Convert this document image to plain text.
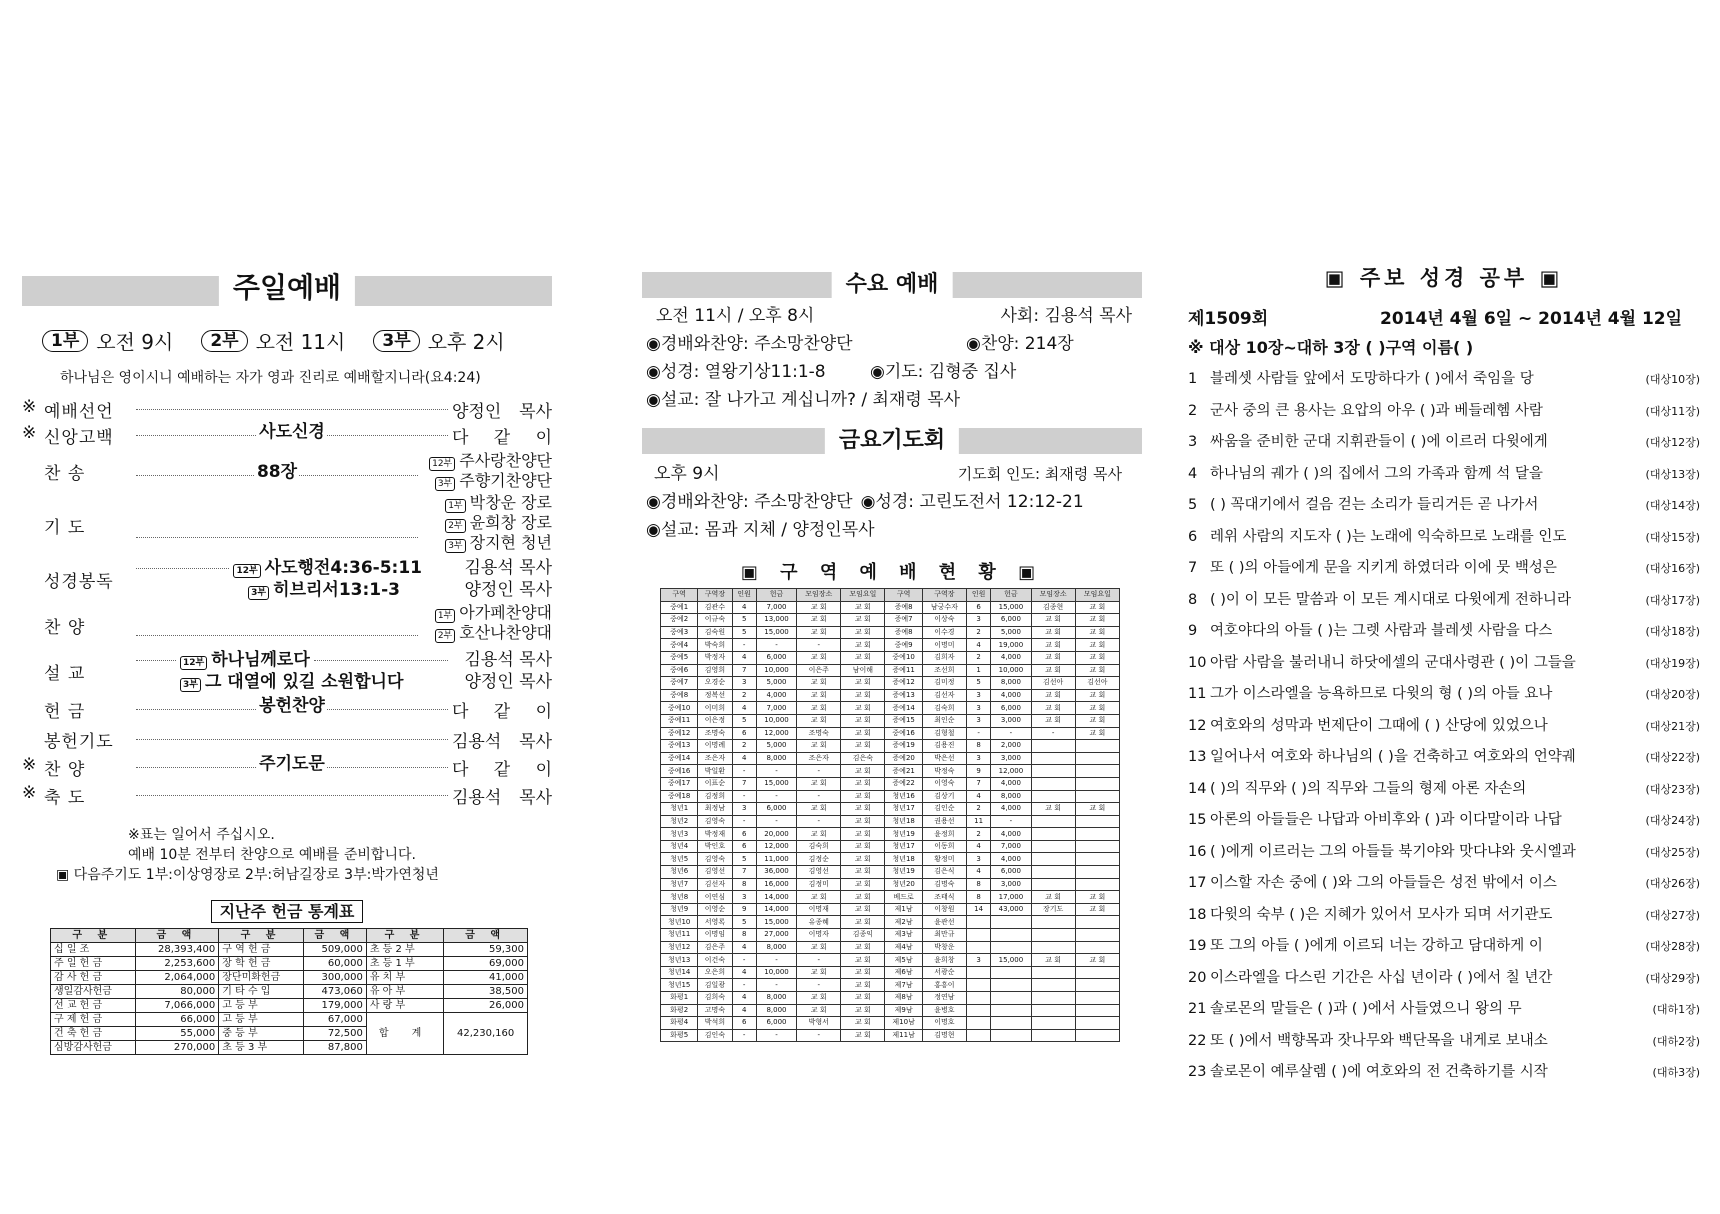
주일예배
1부 오전 9시	2부 오전 11시	3부 오후 2시
하나님은 영이시니 예배하는 자가 영과 진리로 예배할지니라(요4:24)
※ 예배선언	양정인 목사
※ 신앙고백	사도신경	다 같 이
찬 송	88장	12부 주사랑찬양단
3부 주향기찬양단
기 도
1부 박창운 장로
2부 윤희창 장로
3부 장지현 청년
성경봉독
12부 사도행전4:36-5:11	김용석 목사
3부 히브리서13:1-3	양정인 목사
찬 양
1부 아가페찬양대
2부 호산나찬양대
설 교
12부 하나님께로다	김용석 목사
3부 그 대열에 있길 소원합니다	양정인 목사
헌 금	봉헌찬양	다 같 이
봉헌기도	김용석 목사
※ 찬 양	주기도문	다 같 이
※ 축 도	김용석 목사
※표는 일어서 주십시오.
예배 10분 전부터 찬양으로 예배를 준비합니다.
▣ 다음주기도 1부:이상영장로 2부:허남길장로 3부:박가연청년
지난주 헌금 통계표
구 분	금 액	구 분	금 액	구 분	금 액
십 일 조	28,393,400	구 역 헌 금	509,000	초 등 2 부	59,300
주 일 헌 금	2,253,600	장 학 헌 금	60,000	초 등 1 부	69,000
감 사 헌 금	2,064,000	장단미화헌금	300,000	유 치 부	41,000
생일감사헌금	80,000	기 타 수 입	473,060	유 아 부	38,500
선 교 헌 금	7,066,000	고 등 부	179,000	사 랑 부	26,000
구 제 헌 금	66,000	고 등 부	67,000	합 계	42,230,160
건 축 헌 금	55,000	중 등 부	72,500		
심방감사헌금	270,000	초 등 3 부	87,800		
수요 예배
오전 11시 / 오후 8시	사회: 김용석 목사
◉경배와찬양: 주소망찬양단	◉찬양: 214장
◉성경: 열왕기상11:1-8	◉기도: 김형중 집사
◉설교: 잘 나가고 계십니까? / 최재령 목사
금요기도회
오후 9시	기도회 인도: 최재령 목사
◉경배와찬양: 주소망찬양단 ◉성경: 고린도전서 12:12-21
◉설교: 몸과 지체 / 양정인목사
▣ 구 역 예 배 현 황 ▣
구역	구역장	인원	헌금	모임장소	모임요일	구역	구역장	인원	헌금	모임장소	모임요일
중예1	김관수	4	7,000	교 회	교 회	증예8	남궁수자	6	15,000	김종현	교 회
중예2	이규숙	5	13,000	교 회	교 회	증예7	이상숙	3	6,000	교 회	교 회
중예3	김숙원	5	15,000	교 회	교 회	증예8	이수경	2	5,000	교 회	교 회
중예4	박숙희	-	-	-	교 회	중예9	이명미	4	19,000	교 회	교 회
중예5	박정자	4	6,000	교 회	교 회	중예10	김희자	2	4,000	교 회	교 회
중예6	김영희	7	10,000	이은주	남이해	증예11	조선희	1	10,000	교 회	교 회
중예7	오경순	3	5,000	교 회	교 회	증예12	김미정	5	8,000	김선아	김선아
중예8	정복선	2	4,000	교 회	교 회	증예13	김선자	3	4,000	교 회	교 회
중예10	이미희	4	7,000	교 회	교 회	증예14	김숙희	3	6,000	교 회	교 회
중예11	이은정	5	10,000	교 회	교 회	증예15	최인순	3	3,000	교 회	교 회
중예12	조명숙	6	12,000	조명숙	교 회	중예16	김형철	-	-	-	교 회
중예13	이명례	2	5,000	교 회	교 회	증예19	김용진	8	2,000		
중예14	조은자	4	8,000	조은자	김은숙	증예20	박은선	3	3,000		
중예16	박일환	-	-	-	교 회	증예21	박정숙	9	12,000		
중예17	이표순	7	15,000	교 회	교 회	증예22	이영숙	7	4,000		
중예18	김정희	-	-	-	교 회	청년16	김상기	4	8,000		
청년1	최정남	3	6,000	교 회	교 회	청년17	김인순	2	4,000	교 회	교 회
청년2	김영숙	-	-	-	교 회	청년18	권용선	11	-		
청년3	박정재	6	20,000	교 회	교 회	청년19	윤정희	2	4,000		
청년4	박인호	6	12,000	김숙희	교 회	청년17	이동희	4	7,000		
청년5	김영숙	5	11,000	김정순	교 회	청년18	황정미	3	4,000		
청년6	김영선	7	36,000	김영선	교 회	청년19	김은식	4	6,000		
청년7	김선자	8	16,000	김정미	교 회	청년20	김명숙	8	3,000		
청년8	이연심	3	14,000	교 회	교 회	베드로	조태식	8	17,000	교 회	교 회
청년9	이영순	9	14,000	이명재	교 회	제1남	이창원	14	43,000	장기도	교 회
청년10	서영록	5	15,000	유종혜	교 회	제2남	윤관선				
청년11	이명임	8	27,000	이명자	김종익	제3남	최만규				
청년12	김은주	4	8,000	교 회	교 회	제4남	박창운				
청년13	이건숙	-	-	-	교 회	제5남	윤희창	3	15,000	교 회	교 회
청년14	오은희	4	10,000	교 회	교 회	제6남	서광순				
청년15	김일광	-	-	-	교 회	제7남	홍흥이				
화평1	김희숙	4	8,000	교 회	교 회	제8남	정연남				
화평2	고명숙	4	8,000	교 회	교 회	제9남	윤병호				
화평4	박석희	6	6,000	박형서	교 회	제10남	이명호				
화평5	김인숙	-	-	-	교 회	제11남	김명현				
▣ 주보 성경 공부 ▣
제1509회	2014년 4월 6일 ~ 2014년 4월 12일
※ 대상 10장~대하 3장 ( )구역 이름( )
1 블레셋 사람들 앞에서 도망하다가 ( )에서 죽임을 당	(대상10장)
2 군사 중의 큰 용사는 요압의 아우 ( )과 베들레헴 사람	(대상11장)
3 싸움을 준비한 군대 지휘관들이 ( )에 이르러 다윗에게	(대상12장)
4 하나님의 궤가 ( )의 집에서 그의 가족과 함께 석 달을	(대상13장)
5 ( ) 꼭대기에서 걸음 걷는 소리가 들리거든 곧 나가서	(대상14장)
6 레위 사람의 지도자 ( )는 노래에 익숙하므로 노래를 인도	(대상15장)
7 또 ( )의 아들에게 문을 지키게 하였더라 이에 뭇 백성은	(대상16장)
8 ( )이 이 모든 말씀과 이 모든 계시대로 다윗에게 전하니라	(대상17장)
9 여호야다의 아들 ( )는 그렛 사람과 블레셋 사람을 다스	(대상18장)
10 아람 사람을 불러내니 하닷에셀의 군대사령관 ( )이 그들을	(대상19장)
11 그가 이스라엘을 능욕하므로 다윗의 형 ( )의 아들 요나	(대상20장)
12 여호와의 성막과 번제단이 그때에 ( ) 산당에 있었으나	(대상21장)
13 일어나서 여호와 하나님의 ( )을 건축하고 여호와의 언약궤	(대상22장)
14 ( )의 직무와 ( )의 직무와 그들의 형제 아론 자손의	(대상23장)
15 아론의 아들들은 나답과 아비후와 ( )과 이다말이라 나답	(대상24장)
16 ( )에게 이르러는 그의 아들들 북기야와 맛다냐와 웃시엘과	(대상25장)
17 이스할 자손 중에 ( )와 그의 아들들은 성전 밖에서 이스	(대상26장)
18 다윗의 숙부 ( )은 지혜가 있어서 모사가 되며 서기관도	(대상27장)
19 또 그의 아들 ( )에게 이르되 너는 강하고 담대하게 이	(대상28장)
20 이스라엘을 다스린 기간은 사십 년이라 ( )에서 칠 년간	(대상29장)
21 솔로몬의 말들은 ( )과 ( )에서 사들였으니 왕의 무	(대하1장)
22 또 ( )에서 백향목과 잣나무와 백단목을 내게로 보내소	(대하2장)
23 솔로몬이 예루살렘 ( )에 여호와의 전 건축하기를 시작	(대하3장)
